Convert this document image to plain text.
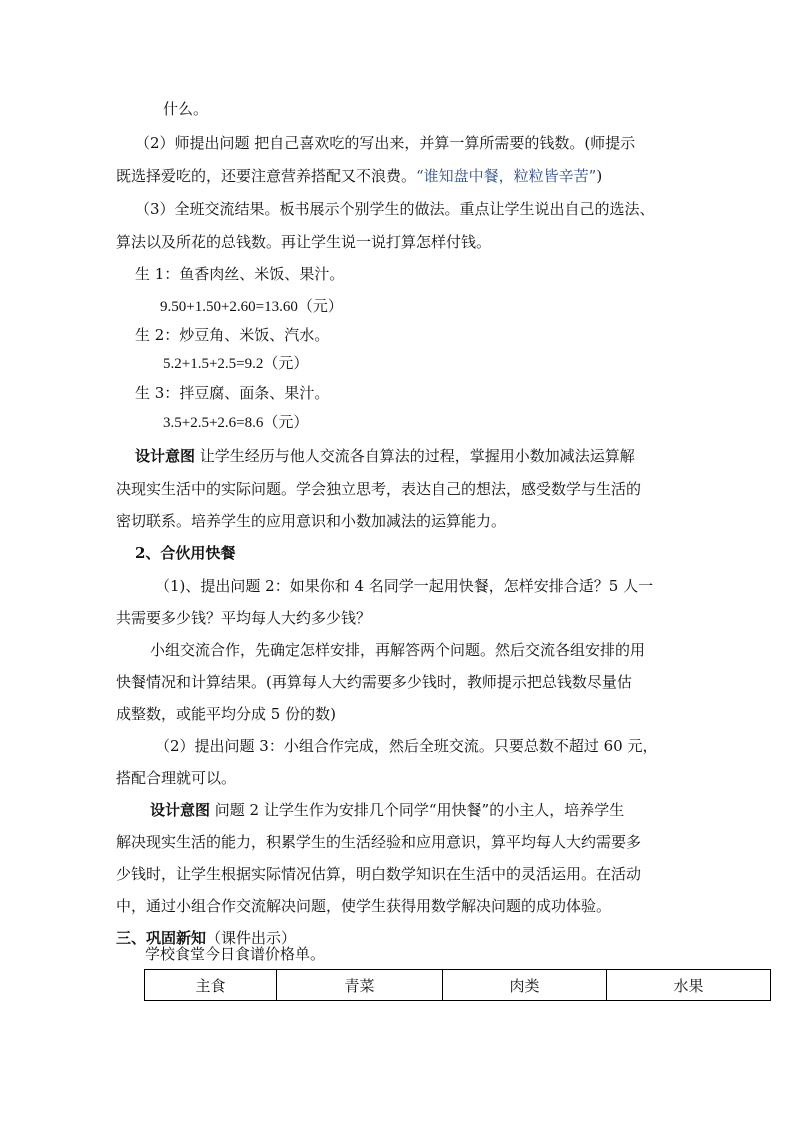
什么。
（2）师提出问题 把自己喜欢吃的写出来，并算一算所需要的钱数。(师提示
既选择爱吃的，还要注意营养搭配又不浪费。“谁知盘中餐，粒粒皆辛苦”)
（3）全班交流结果。板书展示个别学生的做法。重点让学生说出自己的选法、
算法以及所花的总钱数。再让学生说一说打算怎样付钱。
生 1：鱼香肉丝、米饭、果汁。
9.50+1.50+2.60=13.60（元）
生 2：炒豆角、米饭、汽水。
5.2+1.5+2.5=9.2（元）
生 3：拌豆腐、面条、果汁。
3.5+2.5+2.6=8.6（元）
设计意图 让学生经历与他人交流各自算法的过程，掌握用小数加减法运算解
决现实生活中的实际问题。学会独立思考，表达自己的想法，感受数学与生活的
密切联系。培养学生的应用意识和小数加减法的运算能力。
2、合伙用快餐
（1)、提出问题 2：如果你和 4 名同学一起用快餐，怎样安排合适？5 人一
共需要多少钱？平均每人大约多少钱？
小组交流合作，先确定怎样安排，再解答两个问题。然后交流各组安排的用
快餐情况和计算结果。(再算每人大约需要多少钱时，教师提示把总钱数尽量估
成整数，或能平均分成 5 份的数)
（2）提出问题 3：小组合作完成，然后全班交流。只要总数不超过 60 元，
搭配合理就可以。
设计意图 问题 2 让学生作为安排几个同学“用快餐”的小主人，培养学生
解决现实生活的能力，积累学生的生活经验和应用意识，算平均每人大约需要多
少钱时，让学生根据实际情况估算，明白数学知识在生活中的灵活运用。在活动
中，通过小组合作交流解决问题，使学生获得用数学解决问题的成功体验。
三、巩固新知（课件出示）
学校食堂今日食谱价格单。
主食	青菜	肉类	水果
